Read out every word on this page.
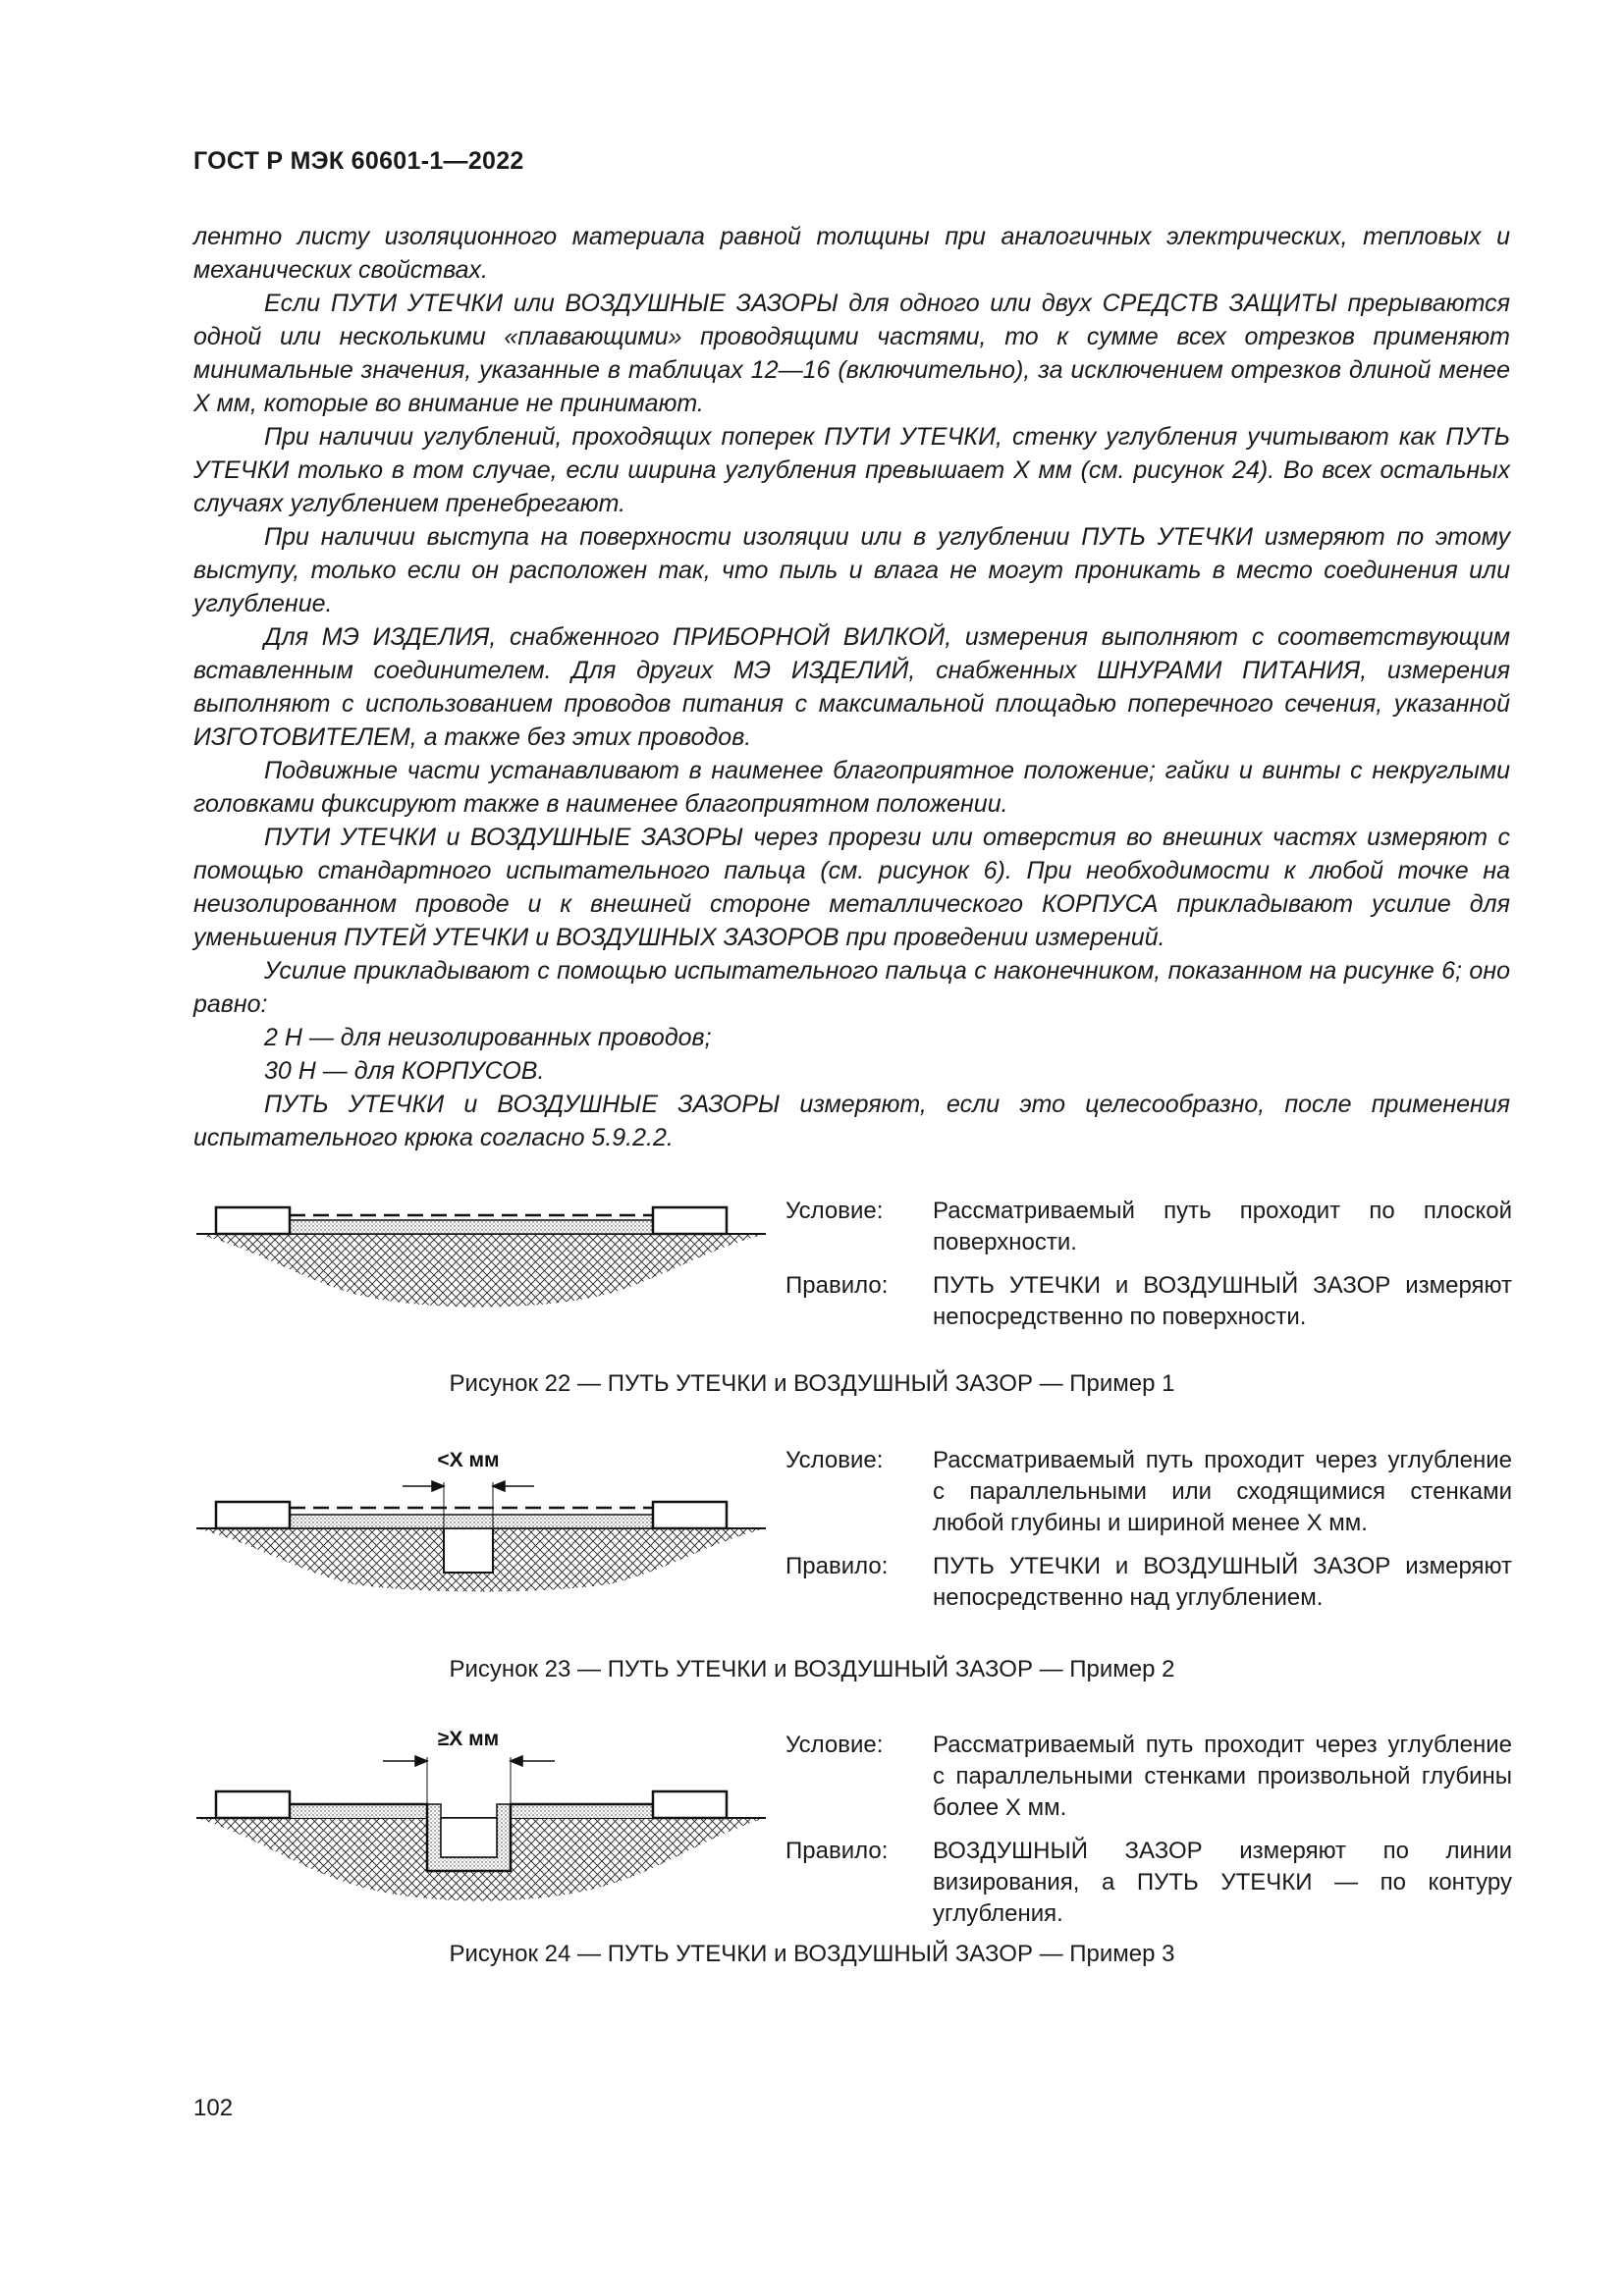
ГОСТ Р МЭК 60601-1—2022

лентно листу изоляционного материала равной толщины при аналогичных электрических, тепловых и механических свойствах.

Если ПУТИ УТЕЧКИ или ВОЗДУШНЫЕ ЗАЗОРЫ для одного или двух СРЕДСТВ ЗАЩИТЫ прерываются одной или несколькими «плавающими» проводящими частями, то к сумме всех отрезков применяют минимальные значения, указанные в таблицах 12—16 (включительно), за исключением отрезков длиной менее X мм, которые во внимание не принимают.

При наличии углублений, проходящих поперек ПУТИ УТЕЧКИ, стенку углубления учитывают как ПУТЬ УТЕЧКИ только в том случае, если ширина углубления превышает X мм (см. рисунок 24). Во всех остальных случаях углублением пренебрегают.

При наличии выступа на поверхности изоляции или в углублении ПУТЬ УТЕЧКИ измеряют по этому выступу, только если он расположен так, что пыль и влага не могут проникать в место соединения или углубление.

Для МЭ ИЗДЕЛИЯ, снабженного ПРИБОРНОЙ ВИЛКОЙ, измерения выполняют с соответствующим вставленным соединителем. Для других МЭ ИЗДЕЛИЙ, снабженных ШНУРАМИ ПИТАНИЯ, измерения выполняют с использованием проводов питания с максимальной площадью поперечного сечения, указанной ИЗГОТОВИТЕЛЕМ, а также без этих проводов.

Подвижные части устанавливают в наименее благоприятное положение; гайки и винты с некруглыми головками фиксируют также в наименее благоприятном положении.

ПУТИ УТЕЧКИ и ВОЗДУШНЫЕ ЗАЗОРЫ через прорези или отверстия во внешних частях измеряют с помощью стандартного испытательного пальца (см. рисунок 6). При необходимости к любой точке на неизолированном проводе и к внешней стороне металлического КОРПУСА прикладывают усилие для уменьшения ПУТЕЙ УТЕЧКИ и ВОЗДУШНЫХ ЗАЗОРОВ при проведении измерений.

Усилие прикладывают с помощью испытательного пальца с наконечником, показанном на рисунке 6; оно равно:

2 Н — для неизолированных проводов;

30 Н — для КОРПУСОВ.

ПУТЬ УТЕЧКИ и ВОЗДУШНЫЕ ЗАЗОРЫ измеряют, если это целесообразно, после применения испытательного крюка согласно 5.9.2.2.

Условие:	Рассматриваемый путь проходит по плоской поверхности.
Правило:	ПУТЬ УТЕЧКИ и ВОЗДУШНЫЙ ЗАЗОР измеряют непосредственно по поверхности.
Рисунок 22 — ПУТЬ УТЕЧКИ и ВОЗДУШНЫЙ ЗАЗОР — Пример 1
<X мм	Условие:	Рассматриваемый путь проходит через углубление с параллельными или сходящимися стенками любой глубины и шириной менее X мм.
Правило:	ПУТЬ УТЕЧКИ и ВОЗДУШНЫЙ ЗАЗОР измеряют непосредственно над углублением.
Рисунок 23 — ПУТЬ УТЕЧКИ и ВОЗДУШНЫЙ ЗАЗОР — Пример 2
≥X мм	Условие:	Рассматриваемый путь проходит через углубление с параллельными стенками произвольной глубины более X мм.
Правило:	ВОЗДУШНЫЙ ЗАЗОР измеряют по линии визирования, а ПУТЬ УТЕЧКИ — по контуру углубления.
Рисунок 24 — ПУТЬ УТЕЧКИ и ВОЗДУШНЫЙ ЗАЗОР — Пример 3
102
